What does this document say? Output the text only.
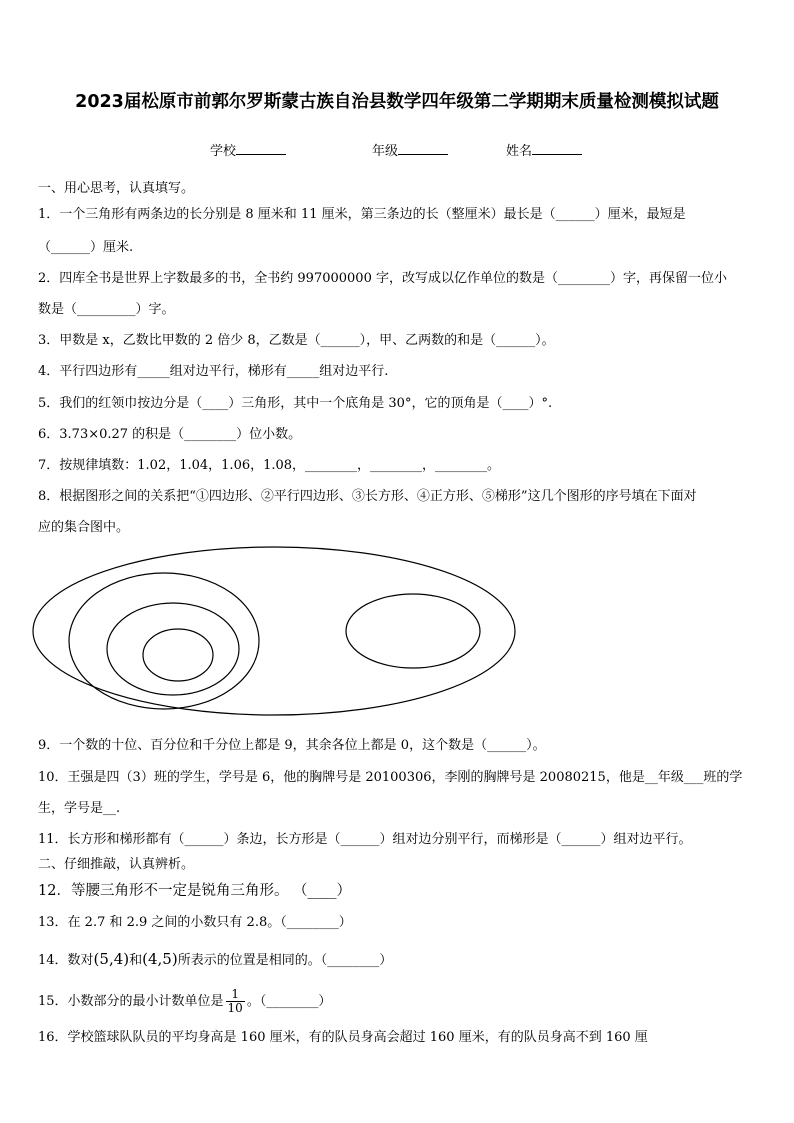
2023届松原市前郭尔罗斯蒙古族自治县数学四年级第二学期期末质量检测模拟试题
学校	年级	姓名
一、用心思考，认真填写。
1．一个三角形有两条边的长分别是 8 厘米和 11 厘米，第三条边的长（整厘米）最长是（______）厘米，最短是
（______）厘米.
2．四库全书是世界上字数最多的书，全书约 997000000 字，改写成以亿作单位的数是（________）字，再保留一位小
数是（_________）字。
3．甲数是 x，乙数比甲数的 2 倍少 8，乙数是（______），甲、乙两数的和是（______）。
4．平行四边形有_____组对边平行，梯形有_____组对边平行.
5．我们的红领巾按边分是（____）三角形，其中一个底角是 30°，它的顶角是（____）°.
6．3.73×0.27 的积是（________）位小数。
7．按规律填数：1.02，1.04，1.06，1.08，________，________，________。
8．根据图形之间的关系把“①四边形、②平行四边形、③长方形、④正方形、⑤梯形”这几个图形的序号填在下面对
应的集合图中。
9．一个数的十位、百分位和千分位上都是 9，其余各位上都是 0，这个数是（______）。
10．王强是四（3）班的学生，学号是 6，他的胸牌号是 20100306，李刚的胸牌号是 20080215，他是__年级___班的学
生，学号是__.
11．长方形和梯形都有（______）条边，长方形是（______）组对边分别平行，而梯形是（______）组对边平行。
二、仔细推敲，认真辨析。
12．等腰三角形不一定是锐角三角形。 （____）
13．在 2.7 和 2.9 之间的小数只有 2.8。（________）
14．数对(5,4)和(4,5)所表示的位置是相同的。（________）
15．小数部分的最小计数单位是 $\frac{1}{10}$ 。（________）
16．学校篮球队队员的平均身高是 160 厘米，有的队员身高会超过 160 厘米，有的队员身高不到 160 厘
